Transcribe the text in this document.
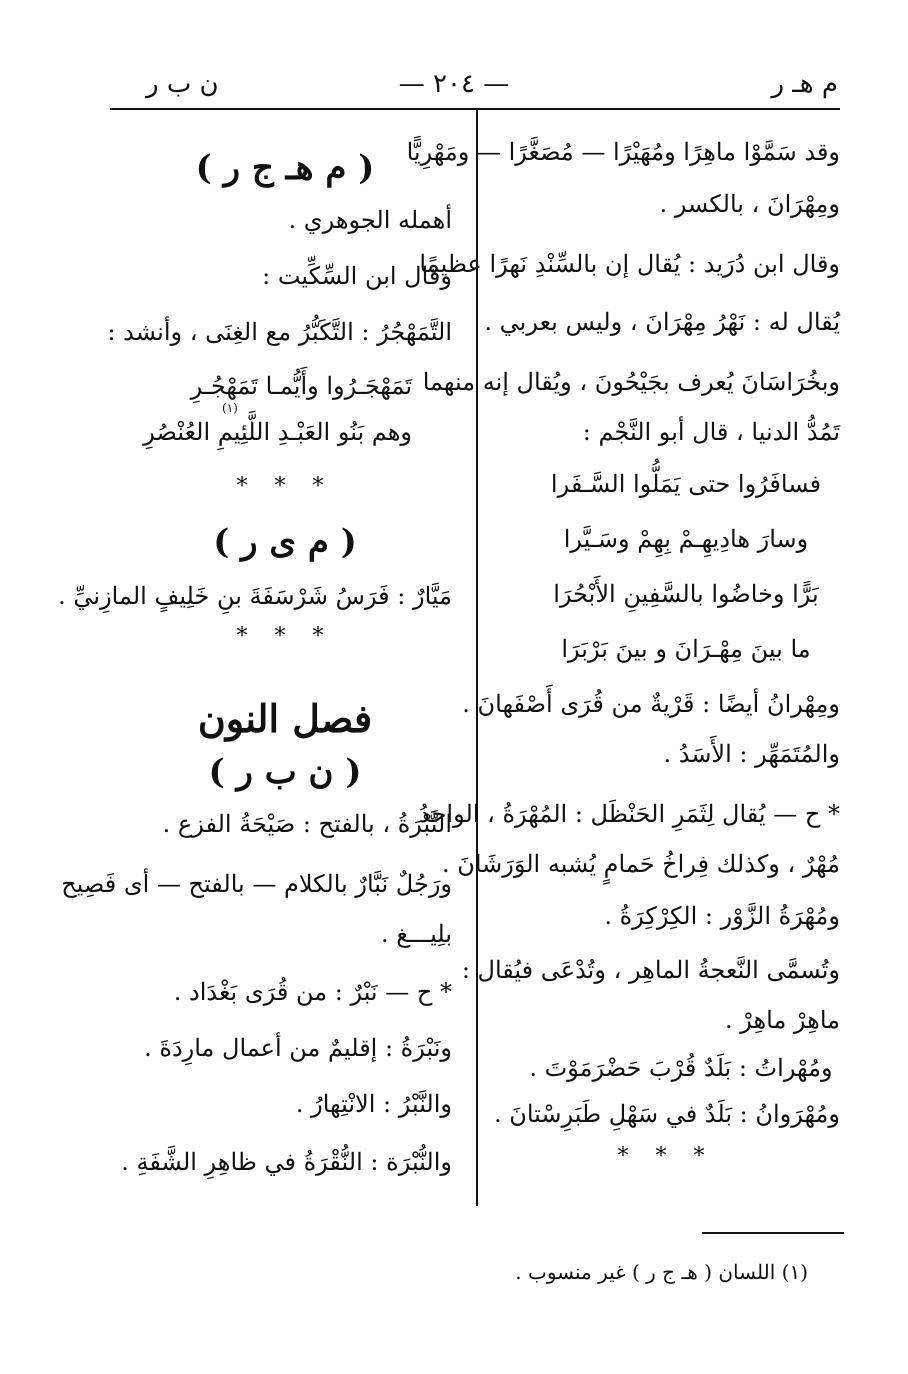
م هـ ر
— ٢٠٤ —
ن ب ر
وقد سَمَّوْا ماهِرًا ومُهَيْرًا — مُصَغَّرًا — ومَهْرِيًّا
ومِهْرَانَ ، بالكسر .
وقال ابن دُرَيد : يُقال إن بالسِّنْدِ نَهرًا عظيمًا
يُقال له : نَهْرُ مِهْرَانَ ، وليس بعربي .
وبخُرَاسَانَ يُعرف بجَيْحُونَ ، ويُقال إنه منهما
تَمُدُّ الدنيا ، قال أبو النَّجْم :
فسافَرُوا حتى يَمَلُّوا السَّـفَرا
وسارَ هادِيهِـمْ بِهِمْ وسَـيَّرا
بَرًّا وخاضُوا بالسَّفِينِ الأَبْحُرَا
ما بينَ مِهْـرَانَ و بينَ بَرْبَرَا
ومِهْرانُ أيضًا : قَرْيةٌ من قُرَى أَصْفَهانَ .
والمُتَمَهِّر : الأَسَدُ .
* ح — يُقال لِثَمَرِ الحَنْظَل : المُهْرَةُ ، الواحدُ
مُهْرٌ ، وكذلك فِراخُ حَمامٍ يُشبه الوَرَشَانَ .
ومُهْرَةُ الزَّوْر : الكِرْكِرَةُ .
وتُسمَّى النَّعجةُ الماهِر ، وتُدْعَى فيُقال :
ماهِرْ ماهِرْ .
ومُهْراتُ : بَلَدٌ قُرْبَ حَضْرَمَوْتَ .
ومُهْرَوانُ : بَلَدٌ في سَهْلِ طَبَرِسْتانَ .
* * *
( م هـ ج ر )
أهمله الجوهري .
وقال ابن السِّكِّيت :
التَّمَهْجُرُ : التَّكَبُّرُ مع الغِنَى ، وأنشد :
تَمَهْجَـرُوا وأَيُّمـا تَمَهْجُـرِ
(١)
وهم بَنُو العَبْـدِ اللَّئِيمِ العُنْصُرِ
* * *
( م ى ر )
مَيَّارٌ : فَرَسُ شَرْسَفَةَ بنِ خَلِيفٍ المازِنيِّ .
* * *
فصل النون
( ن ب ر )
النَّبْرَةُ ، بالفتح : صَيْحَةُ الفزع .
ورَجُلٌ نَبَّارٌ بالكلام — بالفتح — أى فَصِيح
بلِيـــغ .
* ح — نَبْرٌ : من قُرَى بَغْدَاد .
ونَبْرَةُ : إقليمٌ من أعمال مارِدَةَ .
والنَّبْرُ : الانْتِهارُ .
والنُّبْرَة : النُّقْرَةُ في ظاهِرِ الشَّفَةِ .
(١) اللسان ( هـ ج ر ) غير منسوب .
